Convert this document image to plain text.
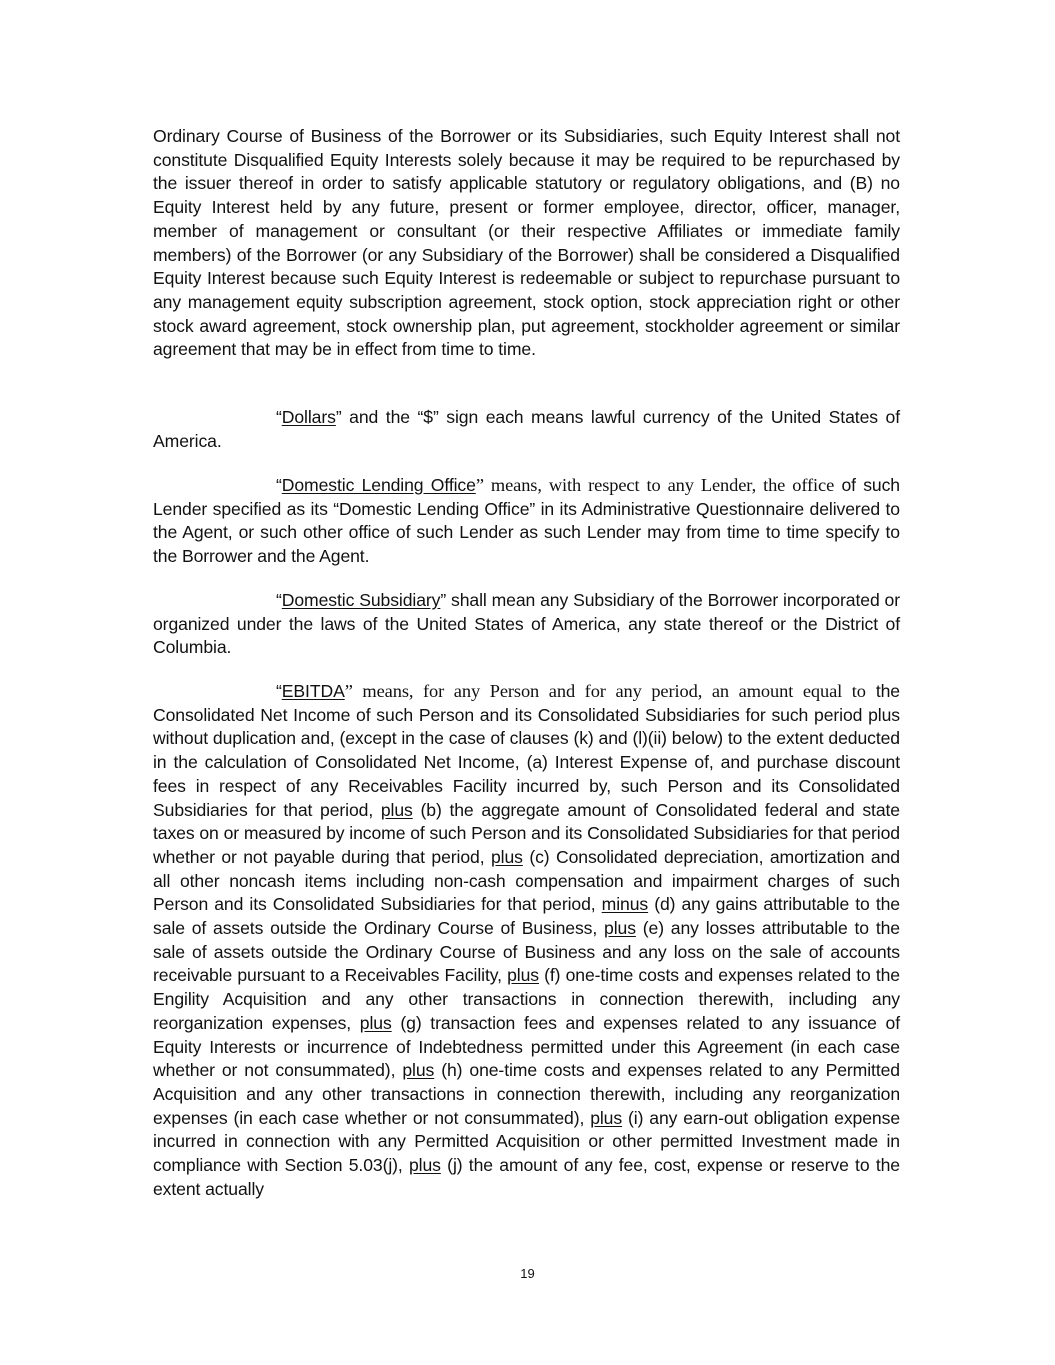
Ordinary Course of Business of the Borrower or its Subsidiaries, such Equity Interest shall not constitute Disqualified Equity Interests solely because it may be required to be repurchased by the issuer thereof in order to satisfy applicable statutory or regulatory obligations, and (B) no Equity Interest held by any future, present or former employee, director, officer, manager, member of management or consultant (or their respective Affiliates or immediate family members) of the Borrower (or any Subsidiary of the Borrower) shall be considered a Disqualified Equity Interest because such Equity Interest is redeemable or subject to repurchase pursuant to any management equity subscription agreement, stock option, stock appreciation right or other stock award agreement, stock ownership plan, put agreement, stockholder agreement or similar agreement that may be in effect from time to time.

“Dollars” and the “$” sign each means lawful currency of the United States of America.

“Domestic Lending Office” means, with respect to any Lender, the office of such Lender specified as its “Domestic Lending Office” in its Administrative Questionnaire delivered to the Agent, or such other office of such Lender as such Lender may from time to time specify to the Borrower and the Agent.

“Domestic Subsidiary” shall mean any Subsidiary of the Borrower incorporated or organized under the laws of the United States of America, any state thereof or the District of Columbia.

“EBITDA” means, for any Person and for any period, an amount equal to the Consolidated Net Income of such Person and its Consolidated Subsidiaries for such period plus without duplication and, (except in the case of clauses (k) and (l)(ii) below) to the extent deducted in the calculation of Consolidated Net Income, (a) Interest Expense of, and purchase discount fees in respect of any Receivables Facility incurred by, such Person and its Consolidated Subsidiaries for that period, plus (b) the aggregate amount of Consolidated federal and state taxes on or measured by income of such Person and its Consolidated Subsidiaries for that period whether or not payable during that period, plus (c) Consolidated depreciation, amortization and all other noncash items including non-cash compensation and impairment charges of such Person and its Consolidated Subsidiaries for that period, minus (d) any gains attributable to the sale of assets outside the Ordinary Course of Business, plus (e) any losses attributable to the sale of assets outside the Ordinary Course of Business and any loss on the sale of accounts receivable pursuant to a Receivables Facility, plus (f) one-time costs and expenses related to the Engility Acquisition and any other transactions in connection therewith, including any reorganization expenses, plus (g) transaction fees and expenses related to any issuance of Equity Interests or incurrence of Indebtedness permitted under this Agreement (in each case whether or not consummated), plus (h) one-time costs and expenses related to any Permitted Acquisition and any other transactions in connection therewith, including any reorganization expenses (in each case whether or not consummated), plus (i) any earn-out obligation expense incurred in connection with any Permitted Acquisition or other permitted Investment made in compliance with Section 5.03(j), plus (j) the amount of any fee, cost, expense or reserve to the extent actually

19
